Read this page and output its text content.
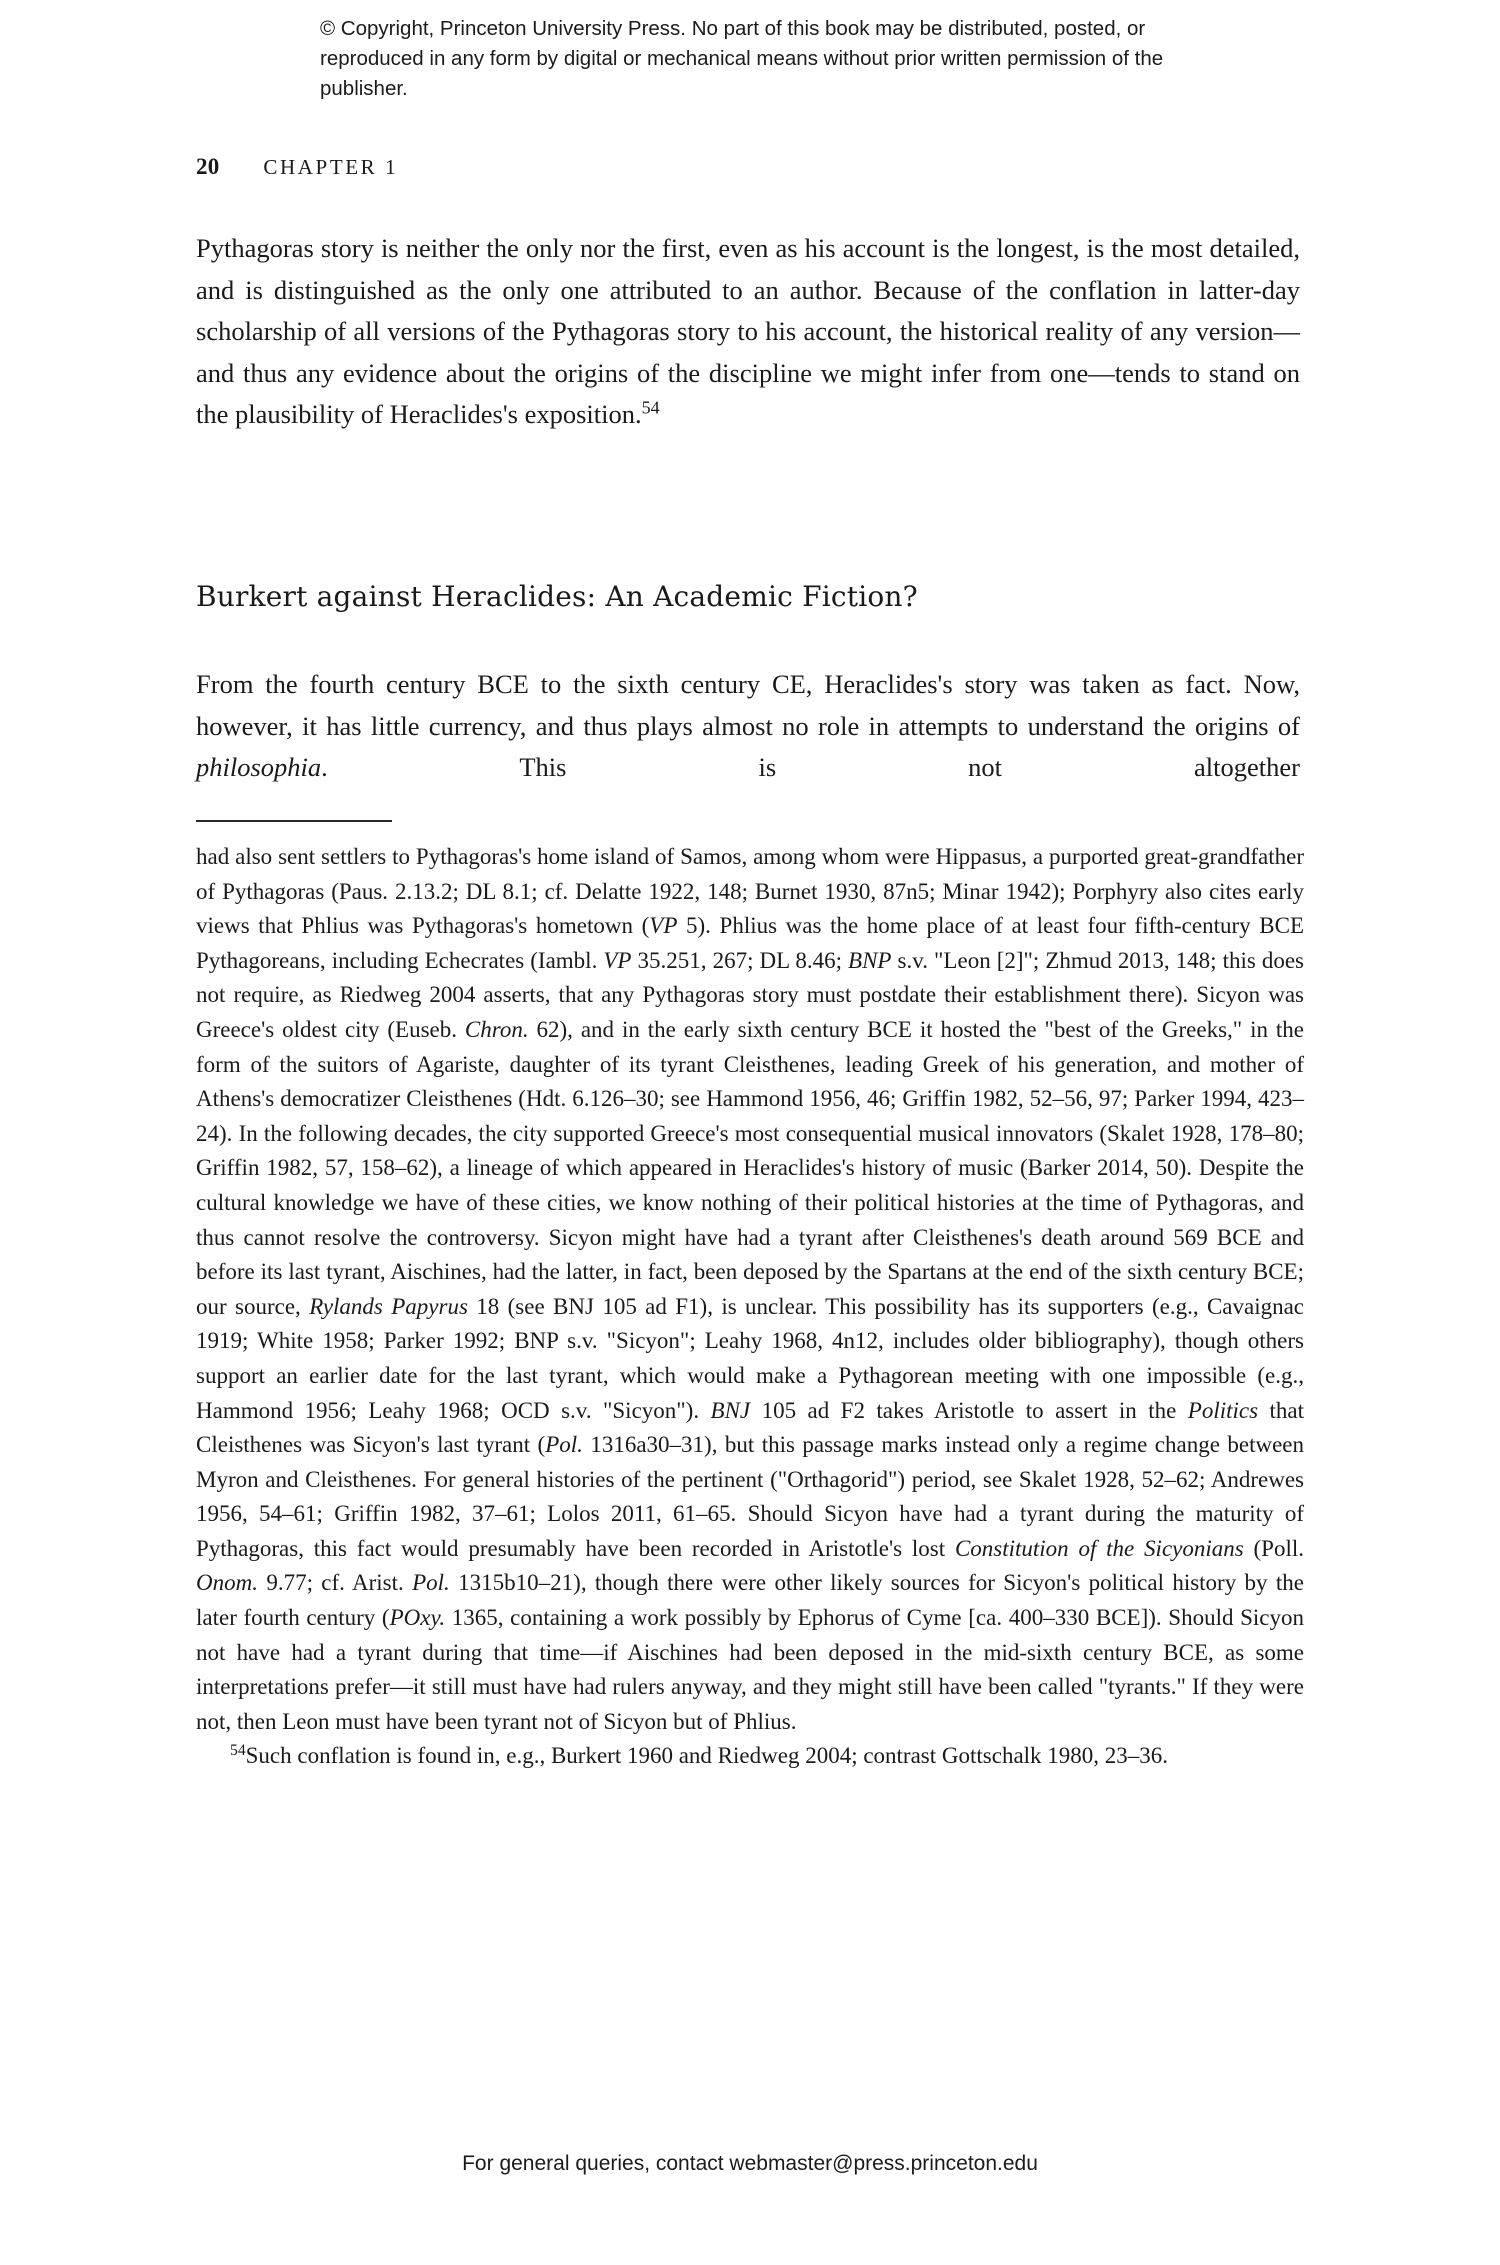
© Copyright, Princeton University Press. No part of this book may be distributed, posted, or reproduced in any form by digital or mechanical means without prior written permission of the publisher.
20 CHAPTER 1

Pythagoras story is neither the only nor the first, even as his account is the longest, is the most detailed, and is distinguished as the only one attributed to an author. Because of the conflation in latter-day scholarship of all versions of the Pythagoras story to his account, the historical reality of any version—and thus any evidence about the origins of the discipline we might infer from one—tends to stand on the plausibility of Heraclides's exposition.$^{54}$

Burkert against Heraclides: An Academic Fiction?

From the fourth century BCE to the sixth century CE, Heraclides's story was taken as fact. Now, however, it has little currency, and thus plays almost no role in attempts to understand the origins of philosophia. This is not altogether

had also sent settlers to Pythagoras's home island of Samos, among whom were Hippasus, a purported great-grandfather of Pythagoras (Paus. 2.13.2; DL 8.1; cf. Delatte 1922, 148; Burnet 1930, 87n5; Minar 1942); Porphyry also cites early views that Phlius was Pythagoras's hometown (VP 5). Phlius was the home place of at least four fifth-century BCE Pythagoreans, including Echecrates (Iambl. VP 35.251, 267; DL 8.46; BNP s.v. "Leon [2]"; Zhmud 2013, 148; this does not require, as Riedweg 2004 asserts, that any Pythagoras story must postdate their establishment there). Sicyon was Greece's oldest city (Euseb. Chron. 62), and in the early sixth century BCE it hosted the "best of the Greeks," in the form of the suitors of Agariste, daughter of its tyrant Cleisthenes, leading Greek of his generation, and mother of Athens's democratizer Cleisthenes (Hdt. 6.126–30; see Hammond 1956, 46; Griffin 1982, 52–56, 97; Parker 1994, 423–24). In the following decades, the city supported Greece's most consequential musical innovators (Skalet 1928, 178–80; Griffin 1982, 57, 158–62), a lineage of which appeared in Heraclides's history of music (Barker 2014, 50). Despite the cultural knowledge we have of these cities, we know nothing of their political histories at the time of Pythagoras, and thus cannot resolve the controversy. Sicyon might have had a tyrant after Cleisthenes's death around 569 BCE and before its last tyrant, Aischines, had the latter, in fact, been deposed by the Spartans at the end of the sixth century BCE; our source, Rylands Papyrus 18 (see BNJ 105 ad F1), is unclear. This possibility has its supporters (e.g., Cavaignac 1919; White 1958; Parker 1992; BNP s.v. "Sicyon"; Leahy 1968, 4n12, includes older bibliography), though others support an earlier date for the last tyrant, which would make a Pythagorean meeting with one impossible (e.g., Hammond 1956; Leahy 1968; OCD s.v. "Sicyon"). BNJ 105 ad F2 takes Aristotle to assert in the Politics that Cleisthenes was Sicyon's last tyrant (Pol. 1316a30–31), but this passage marks instead only a regime change between Myron and Cleisthenes. For general histories of the pertinent ("Orthagorid") period, see Skalet 1928, 52–62; Andrewes 1956, 54–61; Griffin 1982, 37–61; Lolos 2011, 61–65. Should Sicyon have had a tyrant during the maturity of Pythagoras, this fact would presumably have been recorded in Aristotle's lost Constitution of the Sicyonians (Poll. Onom. 9.77; cf. Arist. Pol. 1315b10–21), though there were other likely sources for Sicyon's political history by the later fourth century (POxy. 1365, containing a work possibly by Ephorus of Cyme [ca. 400–330 BCE]). Should Sicyon not have had a tyrant during that time—if Aischines had been deposed in the mid-sixth century BCE, as some interpretations prefer—it still must have had rulers anyway, and they might still have been called "tyrants." If they were not, then Leon must have been tyrant not of Sicyon but of Phlius.

$^{54}$Such conflation is found in, e.g., Burkert 1960 and Riedweg 2004; contrast Gottschalk 1980, 23–36.

For general queries, contact webmaster@press.princeton.edu
